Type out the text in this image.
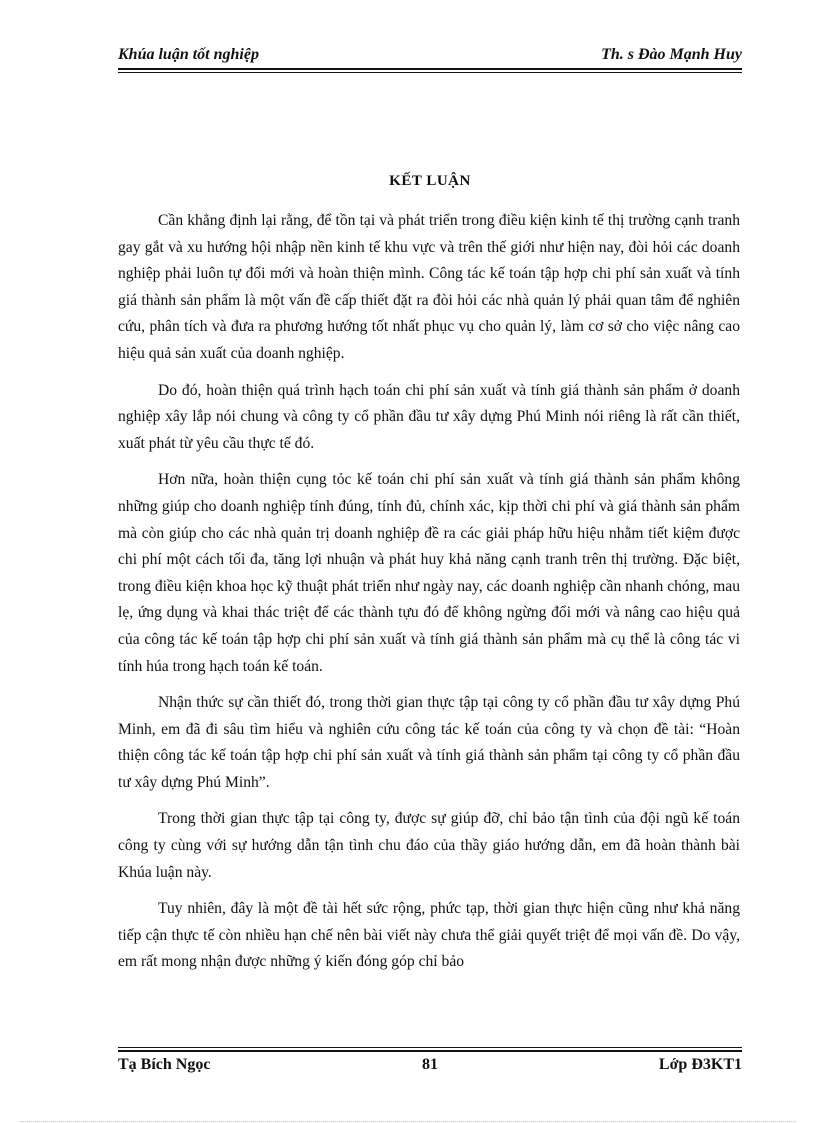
Khúa luận tốt nghiệp	Th. s Đào Mạnh Huy
KẾT LUẬN

Cần khẳng định lại rằng, để tồn tại và phát triển trong điều kiện kinh tế thị trường cạnh tranh gay gắt và xu hướng hội nhập nền kinh tế khu vực và trên thế giới như hiện nay, đòi hỏi các doanh nghiệp phải luôn tự đổi mới và hoàn thiện mình. Công tác kế toán tập hợp chi phí sản xuất và tính giá thành sản phẩm là một vấn đề cấp thiết đặt ra đòi hỏi các nhà quản lý phải quan tâm để nghiên cứu, phân tích và đưa ra phương hướng tốt nhất phục vụ cho quản lý, làm cơ sở cho việc nâng cao hiệu quả sản xuất của doanh nghiệp.

Do đó, hoàn thiện quá trình hạch toán chi phí sản xuất và tính giá thành sản phẩm ở doanh nghiệp xây lắp nói chung và công ty cổ phần đầu tư xây dựng Phú Minh nói riêng là rất cần thiết, xuất phát từ yêu cầu thực tế đó.

Hơn nữa, hoàn thiện cụng tỏc kế toán chi phí sản xuất và tính giá thành sản phẩm không những giúp cho doanh nghiệp tính đúng, tính đủ, chính xác, kịp thời chi phí và giá thành sản phẩm mà còn giúp cho các nhà quản trị doanh nghiệp đề ra các giải pháp hữu hiệu nhằm tiết kiệm được chi phí một cách tối đa, tăng lợi nhuận và phát huy khả năng cạnh tranh trên thị trường. Đặc biệt, trong điều kiện khoa học kỹ thuật phát triển như ngày nay, các doanh nghiệp cần nhanh chóng, mau lẹ, ứng dụng và khai thác triệt để các thành tựu đó để không ngừng đổi mới và nâng cao hiệu quả của công tác kế toán tập hợp chi phí sản xuất và tính giá thành sản phẩm mà cụ thể là công tác vi tính húa trong hạch toán kế toán.

Nhận thức sự cần thiết đó, trong thời gian thực tập tại công ty cổ phần đầu tư xây dựng Phú Minh, em đã đi sâu tìm hiểu và nghiên cứu công tác kế toán của công ty và chọn đề tài: “Hoàn thiện công tác kế toán tập hợp chi phí sản xuất và tính giá thành sản phẩm tại công ty cổ phần đầu tư xây dựng Phú Minh”.

Trong thời gian thực tập tại công ty, được sự giúp đỡ, chỉ bảo tận tình của đội ngũ kế toán công ty cùng với sự hướng dẫn tận tình chu đáo của thầy giáo hướng dẫn, em đã hoàn thành bài Khúa luận này.

Tuy nhiên, đây là một đề tài hết sức rộng, phức tạp, thời gian thực hiện cũng như khả năng tiếp cận thực tế còn nhiều hạn chế nên bài viết này chưa thể giải quyết triệt để mọi vấn đề. Do vậy, em rất mong nhận được những ý kiến đóng góp chỉ bảo

Tạ Bích Ngọc	81	Lớp Đ3KT1
